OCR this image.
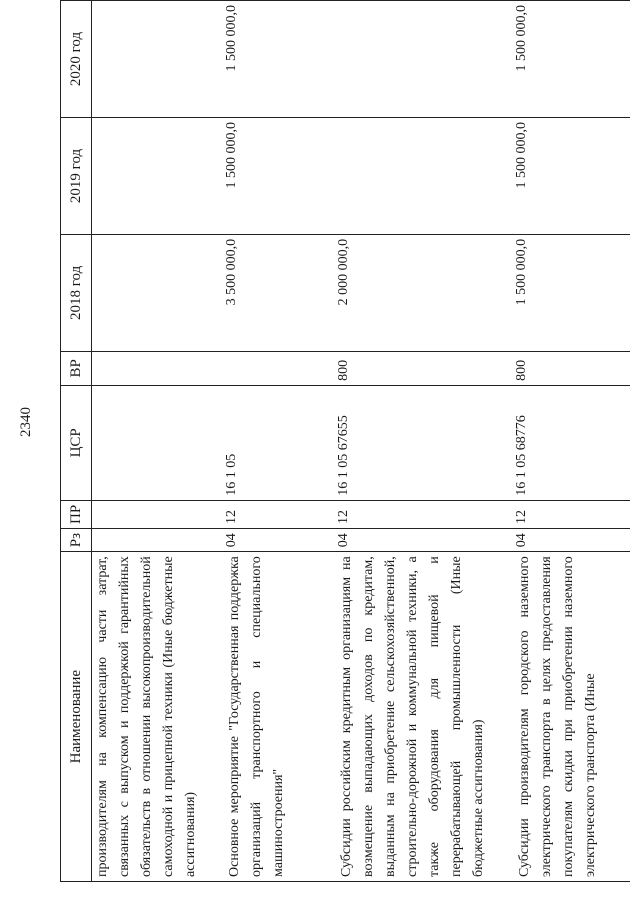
2340
Наименование	Рз	ПР	ЦСР	ВР	2018 год	2019 год	2020 год
производителям на компенсацию части затрат, связанных с выпуском и поддержкой гарантийных обязательств в отношении высокопроизводительной самоходной и прицепной техники (Иные бюджетные ассигнования)							
Основное мероприятие "Государственная поддержка организаций транспортного и специального машиностроения"	04	12	16 1 05		3 500 000,0	1 500 000,0	1 500 000,0
Субсидии российским кредитным организациям на возмещение выпадающих доходов по кредитам, выданным на приобретение сельскохозяйственной, строительно-дорожной и коммунальной техники, а также оборудования для пищевой и перерабатывающей промышленности (Иные бюджетные ассигнования)	04	12	16 1 05 67655	800	2 000 000,0		
Субсидии производителям городского наземного электрического транспорта в целях предоставления покупателям скидки при приобретении наземного электрического транспорта (Иные	04	12	16 1 05 68776	800	1 500 000,0	1 500 000,0	1 500 000,0
